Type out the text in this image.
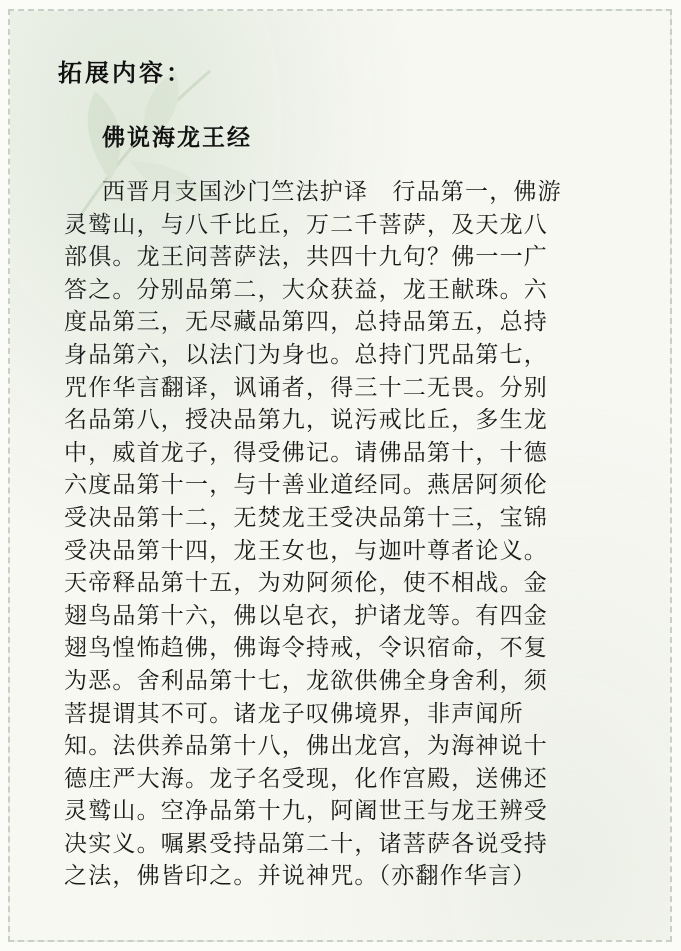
拓展内容：
佛说海龙王经
西晋月支国沙门竺法护译　行品第一，佛游
灵鹫山，与八千比丘，万二千菩萨，及天龙八
部俱。龙王问菩萨法，共四十九句？佛一一广
答之。分别品第二，大众获益，龙王献珠。六
度品第三，无尽藏品第四，总持品第五，总持
身品第六，以法门为身也。总持门咒品第七，
咒作华言翻译，讽诵者，得三十二无畏。分别
名品第八，授决品第九，说污戒比丘，多生龙
中，威首龙子，得受佛记。请佛品第十，十德
六度品第十一，与十善业道经同。燕居阿须伦
受决品第十二，无焚龙王受决品第十三，宝锦
受决品第十四，龙王女也，与迦叶尊者论义。
天帝释品第十五，为劝阿须伦，使不相战。金
翅鸟品第十六，佛以皂衣，护诸龙等。有四金
翅鸟惶怖趋佛，佛诲令持戒，令识宿命，不复
为恶。舍利品第十七，龙欲供佛全身舍利，须
菩提谓其不可。诸龙子叹佛境界，非声闻所
知。法供养品第十八，佛出龙宫，为海神说十
德庄严大海。龙子名受现，化作宫殿，送佛还
灵鹫山。空净品第十九，阿阇世王与龙王辨受
决实义。嘱累受持品第二十，诸菩萨各说受持
之法，佛皆印之。并说神咒。（亦翻作华言）
